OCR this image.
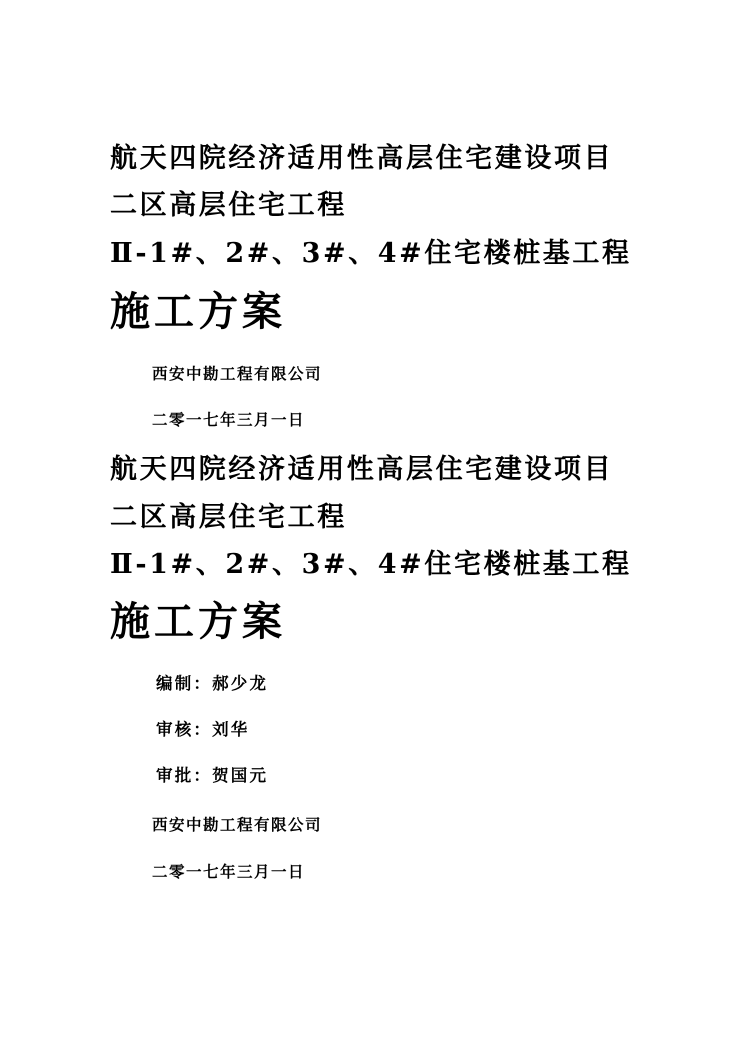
航天四院经济适用性高层住宅建设项目
二区高层住宅工程
Ⅱ-1#、2#、3#、4#住宅楼桩基工程
施工方案
西安中勘工程有限公司
二零一七年三月一日
航天四院经济适用性高层住宅建设项目
二区高层住宅工程
Ⅱ-1#、2#、3#、4#住宅楼桩基工程
施工方案
编制：郝少龙
审核：刘华
审批：贺国元
西安中勘工程有限公司
二零一七年三月一日
